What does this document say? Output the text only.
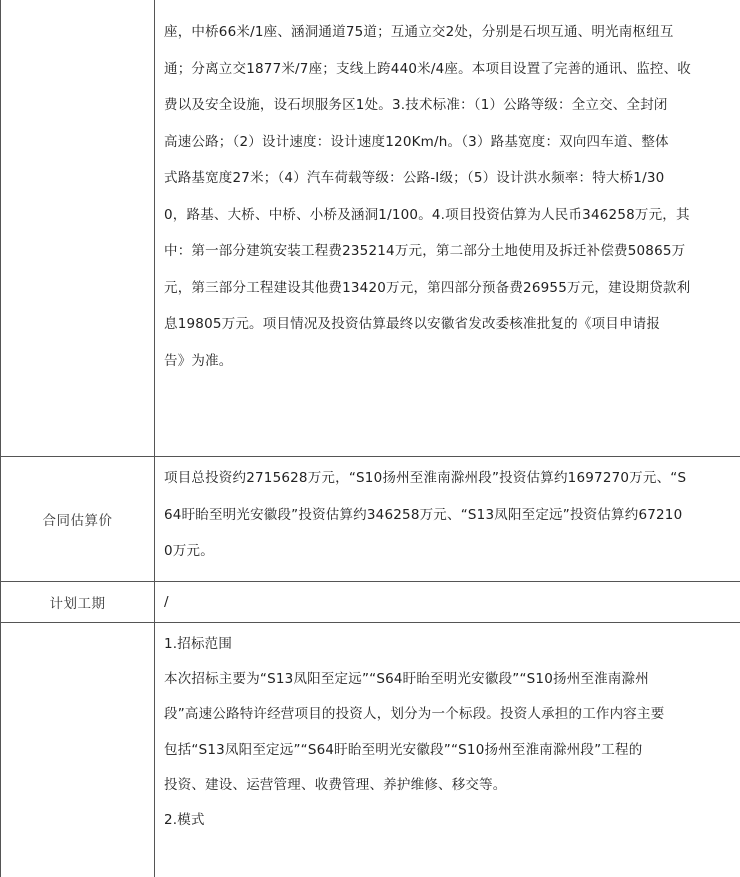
座，中桥66米/1座、涵洞通道75道；互通立交2处，分别是石坝互通、明光南枢纽互
通；分离立交1877米/7座；支线上跨440米/4座。本项目设置了完善的通讯、监控、收
费以及安全设施，设石坝服务区1处。3.技术标准：（1）公路等级：全立交、全封闭
高速公路；（2）设计速度：设计速度120Km/h。（3）路基宽度：双向四车道、整体
式路基宽度27米；（4）汽车荷载等级：公路-Ⅰ级；（5）设计洪水频率：特大桥1/30
0，路基、大桥、中桥、小桥及涵洞1/100。4.项目投资估算为人民币346258万元，其
中：第一部分建筑安装工程费235214万元，第二部分土地使用及拆迁补偿费50865万
元，第三部分工程建设其他费13420万元，第四部分预备费26955万元，建设期贷款利
息19805万元。项目情况及投资估算最终以安徽省发改委核准批复的《项目申请报
告》为准。
合同估算价
项目总投资约2715628万元，“S10扬州至淮南滁州段”投资估算约1697270万元、“S
64盱眙至明光安徽段”投资估算约346258万元、“S13凤阳至定远”投资估算约67210
0万元。
计划工期	/
1.招标范围
本次招标主要为“S13凤阳至定远”“S64盱眙至明光安徽段”“S10扬州至淮南滁州
段”高速公路特许经营项目的投资人，划分为一个标段。投资人承担的工作内容主要
包括“S13凤阳至定远”“S64盱眙至明光安徽段”“S10扬州至淮南滁州段”工程的
投资、建设、运营管理、收费管理、养护维修、移交等。
2.模式
